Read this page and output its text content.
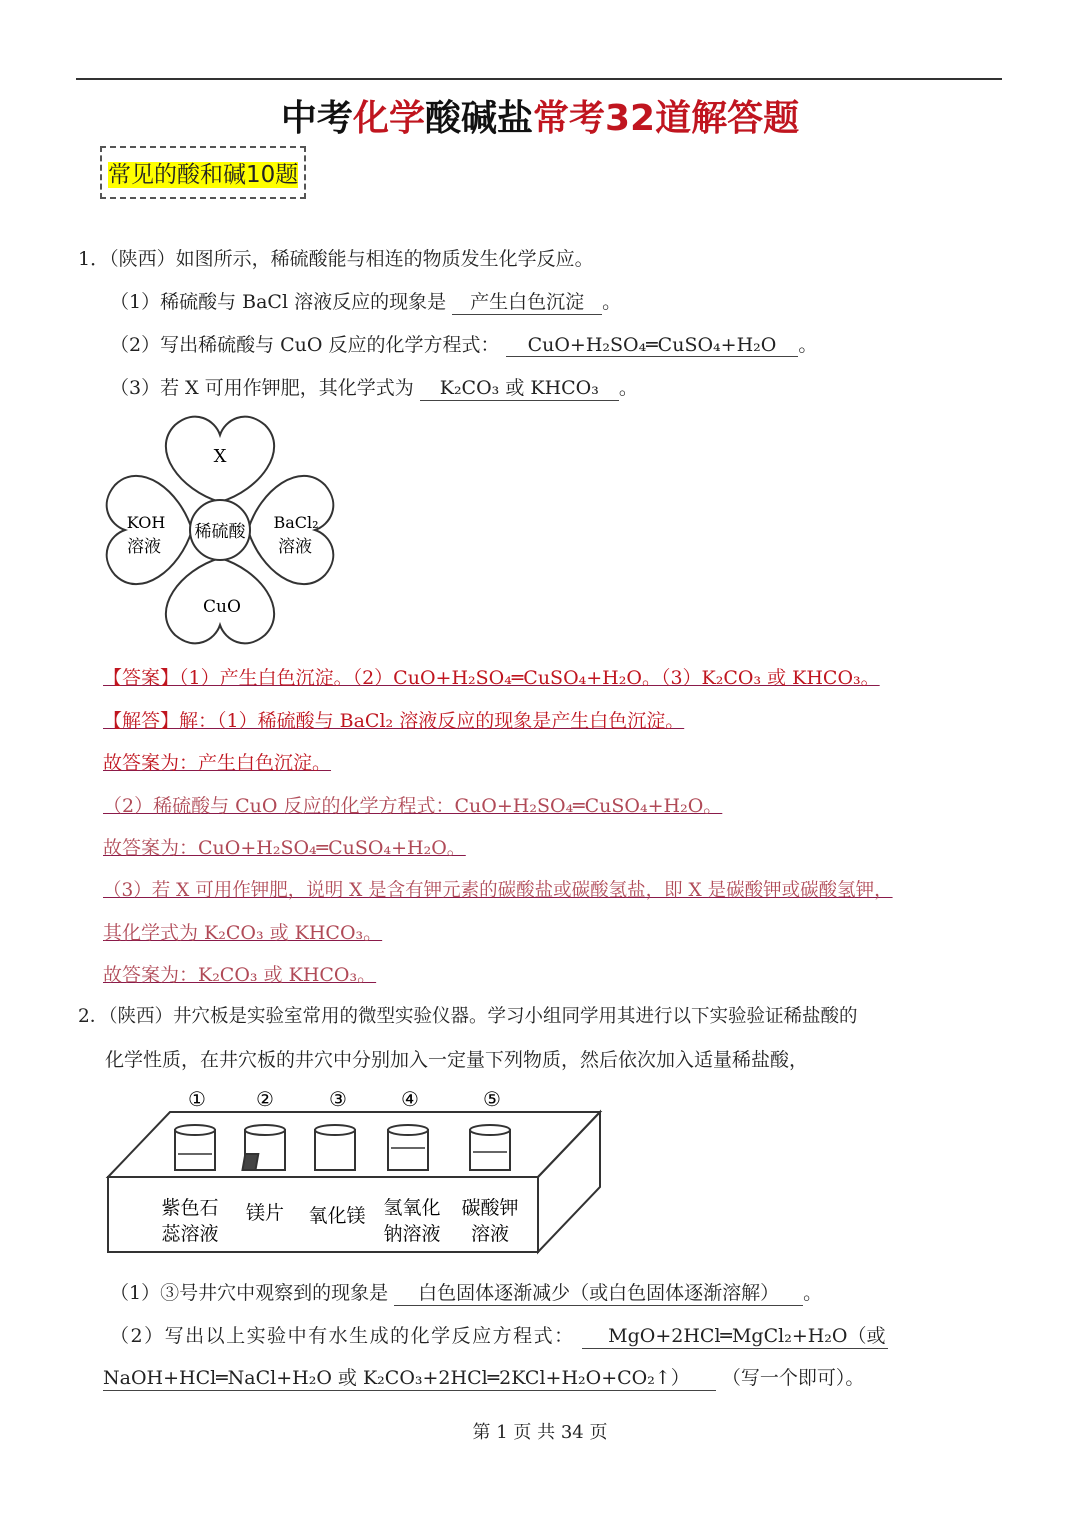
中考化学酸碱盐常考32道解答题
常见的酸和碱10题
1．（陕西）如图所示，稀硫酸能与相连的物质发生化学反应。
（1）稀硫酸与 BaCl 溶液反应的现象是 产生白色沉淀 。
（2）写出稀硫酸与 CuO 反应的化学方程式： CuO+H₂SO₄═CuSO₄+H₂O 。
（3）若 X 可用作钾肥，其化学式为 K₂CO₃ 或 KHCO₃ 。
稀硫酸
X
KOH
溶液
BaCl₂
溶液
CuO
【答案】（1）产生白色沉淀。（2）CuO+H₂SO₄═CuSO₄+H₂O。（3）K₂CO₃ 或 KHCO₃。
【解答】解：（1）稀硫酸与 BaCl₂ 溶液反应的现象是产生白色沉淀。
故答案为：产生白色沉淀。
（2）稀硫酸与 CuO 反应的化学方程式：CuO+H₂SO₄═CuSO₄+H₂O。
故答案为：CuO+H₂SO₄═CuSO₄+H₂O。
（3）若 X 可用作钾肥，说明 X 是含有钾元素的碳酸盐或碳酸氢盐，即 X 是碳酸钾或碳酸氢钾，
其化学式为 K₂CO₃ 或 KHCO₃。
故答案为：K₂CO₃ 或 KHCO₃。
2．（陕西）井穴板是实验室常用的微型实验仪器。学习小组同学用其进行以下实验验证稀盐酸的
化学性质，在井穴板的井穴中分别加入一定量下列物质，然后依次加入适量稀盐酸，
①	②	③	④	⑤
紫色石
蕊溶液
镁片 氧化镁 氢氧化
钠溶液
碳酸钾
溶液
（1）③号井穴中观察到的现象是 白色固体逐渐减少（或白色固体逐渐溶解） 。
（2）写出以上实验中有水生成的化学反应方程式： MgO+2HCl═MgCl₂+H₂O（或
NaOH+HCl═NaCl+H₂O 或 K₂CO₃+2HCl═2KCl+H₂O+CO₂↑） （写一个即可）。
第 1 页 共 34 页
